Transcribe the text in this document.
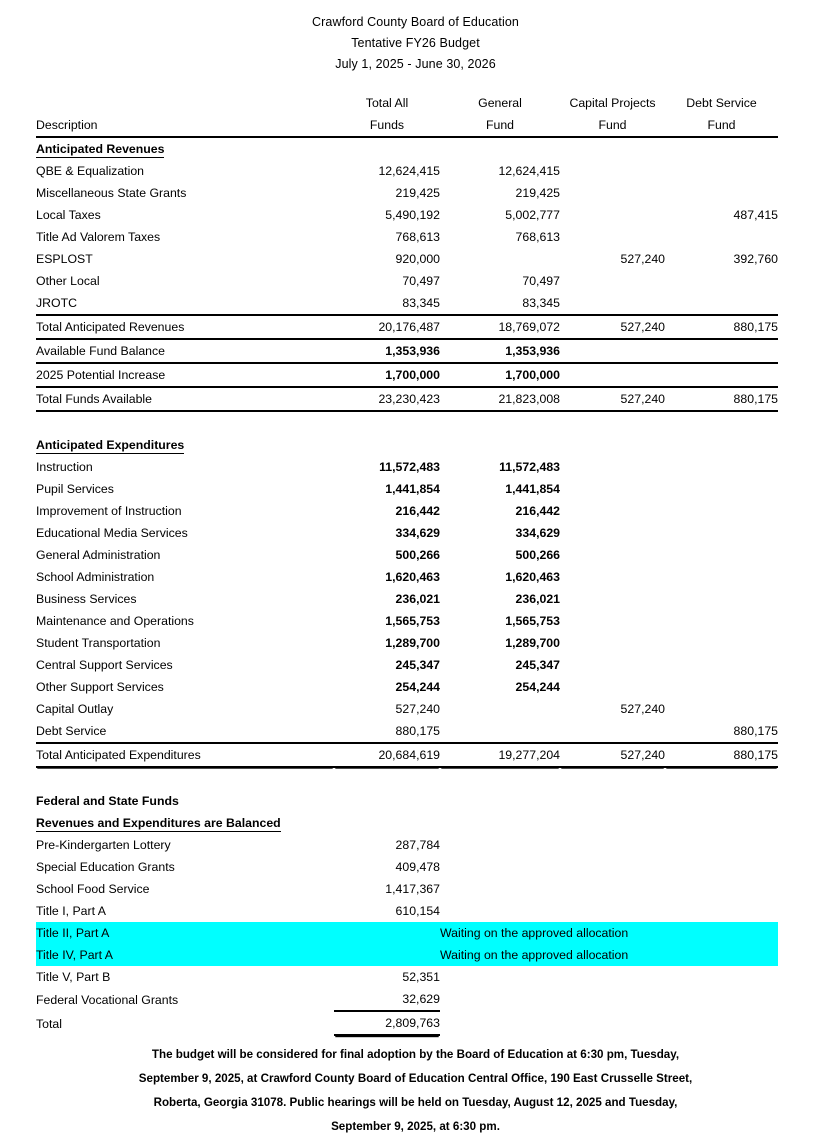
Crawford County Board of Education
Tentative FY26 Budget
July 1, 2025 - June 30, 2026
	Total All	General	Capital Projects	Debt Service
Description	Funds	Fund	Fund	Fund
Anticipated Revenues				
QBE & Equalization	12,624,415	12,624,415		
Miscellaneous State Grants	219,425	219,425		
Local Taxes	5,490,192	5,002,777		487,415
Title Ad Valorem Taxes	768,613	768,613		
ESPLOST	920,000		527,240	392,760
Other Local	70,497	70,497		
JROTC	83,345	83,345		
Total Anticipated Revenues	20,176,487	18,769,072	527,240	880,175
Available Fund Balance	1,353,936	1,353,936		
2025 Potential Increase	1,700,000	1,700,000		
Total Funds Available	23,230,423	21,823,008	527,240	880,175

Anticipated Expenditures				
Instruction	11,572,483	11,572,483		
Pupil Services	1,441,854	1,441,854		
Improvement of Instruction	216,442	216,442		
Educational Media Services	334,629	334,629		
General Administration	500,266	500,266		
School Administration	1,620,463	1,620,463		
Business Services	236,021	236,021		
Maintenance and Operations	1,565,753	1,565,753		
Student Transportation	1,289,700	1,289,700		
Central Support Services	245,347	245,347		
Other Support Services	254,244	254,244		
Capital Outlay	527,240		527,240	
Debt Service	880,175			880,175
Total Anticipated Expenditures	20,684,619	19,277,204	527,240	880,175

Federal and State Funds				
Revenues and Expenditures are Balanced				
Pre-Kindergarten Lottery	287,784			
Special Education Grants	409,478			
School Food Service	1,417,367			
Title I, Part A	610,154			
Title II, Part A		Waiting on the approved allocation		
Title IV, Part A		Waiting on the approved allocation		
Title V, Part B	52,351			
Federal Vocational Grants	32,629			
Total	2,809,763			
The budget will be considered for final adoption by the Board of Education at 6:30 pm, Tuesday,
September 9, 2025, at Crawford County Board of Education Central Office, 190 East Crusselle Street,
Roberta, Georgia 31078. Public hearings will be held on Tuesday, August 12, 2025 and Tuesday,
September 9, 2025, at 6:30 pm.
